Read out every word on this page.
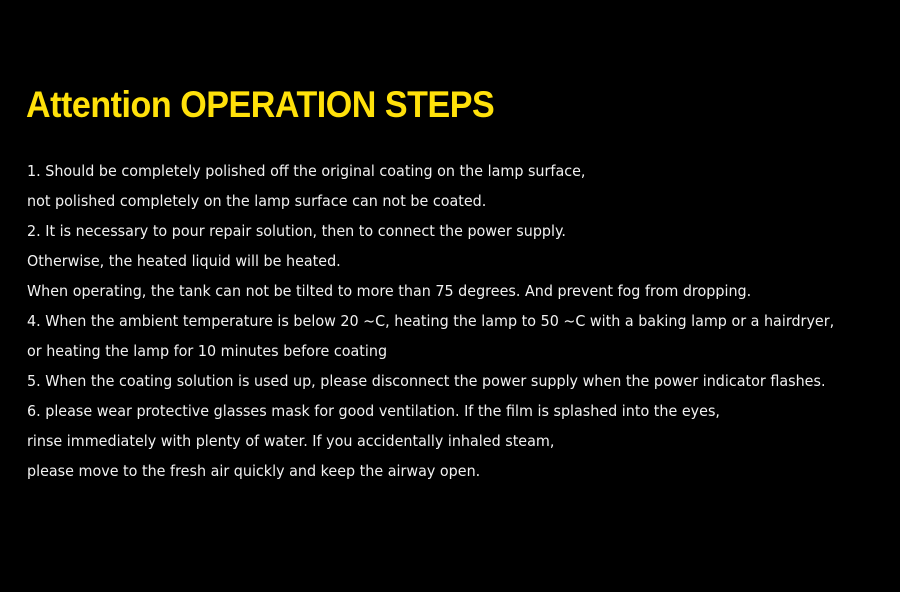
Attention OPERATION STEPS
1. Should be completely polished off the original coating on the lamp surface,
not polished completely on the lamp surface can not be coated.
2. It is necessary to pour repair solution, then to connect the power supply.
Otherwise, the heated liquid will be heated.
When operating, the tank can not be tilted to more than 75 degrees. And prevent fog from dropping.
4. When the ambient temperature is below 20 ~C, heating the lamp to 50 ~C with a baking lamp or a hairdryer,
or heating the lamp for 10 minutes before coating
5. When the coating solution is used up, please disconnect the power supply when the power indicator flashes.
6. please wear protective glasses mask for good ventilation. If the film is splashed into the eyes,
rinse immediately with plenty of water. If you accidentally inhaled steam,
please move to the fresh air quickly and keep the airway open.
